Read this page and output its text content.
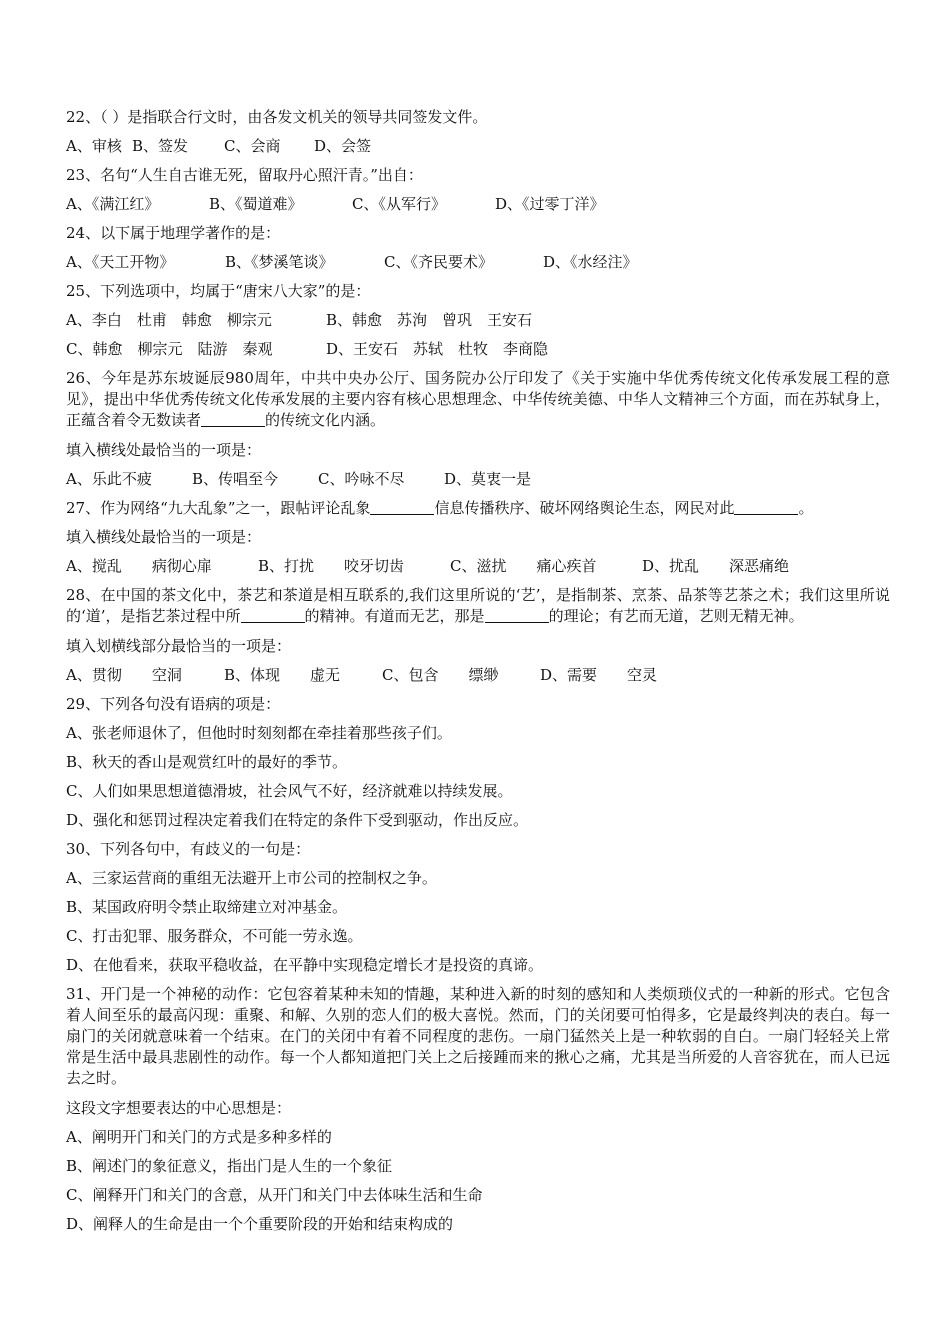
22、（ ）是指联合行文时，由各发文机关的领导共同签发文件。
A、审核 B、签发	C、会商	D、会签
23、名句“人生自古谁无死，留取丹心照汗青。”出自：
A、《满江红》	B、《蜀道难》	C、《从军行》	D、《过零丁洋》
24、以下属于地理学著作的是：
A、《天工开物》	B、《梦溪笔谈》	C、《齐民要术》	D、《水经注》
25、下列选项中，均属于“唐宋八大家”的是：
A、李白　杜甫　韩愈　柳宗元	B、韩愈　苏洵　曾巩　王安石
C、韩愈　柳宗元　陆游　秦观	D、王安石　苏轼　杜牧　李商隐
26、今年是苏东坡诞辰980周年，中共中央办公厅、国务院办公厅印发了《关于实施中华优秀传统文化传承发展工程的意见》，提出中华优秀传统文化传承发展的主要内容有核心思想理念、中华传统美德、中华人文精神三个方面，而在苏轼身上，正蕴含着令无数读者	的传统文化内涵。
填入横线处最恰当的一项是：
A、乐此不疲	B、传唱至今	C、吟咏不尽	D、莫衷一是
27、作为网络“九大乱象”之一，跟帖评论乱象	信息传播秩序、破坏网络舆论生态，网民对此	。
填入横线处最恰当的一项是：
A、搅乱　　病彻心扉	B、打扰　　咬牙切齿	C、滋扰　　痛心疾首	D、扰乱　　深恶痛绝
28、在中国的茶文化中，茶艺和茶道是相互联系的,我们这里所说的‘艺’，是指制茶、烹茶、品茶等艺茶之术；我们这里所说的‘道’，是指艺茶过程中所	的精神。有道而无艺，那是	的理论；有艺而无道，艺则无精无神。
填入划横线部分最恰当的一项是：
A、贯彻　　空洞	B、体现　　虚无	C、包含　　缥缈	D、需要　　空灵
29、下列各句没有语病的项是：
A、张老师退休了，但他时时刻刻都在牵挂着那些孩子们。
B、秋天的香山是观赏红叶的最好的季节。
C、人们如果思想道德滑坡，社会风气不好，经济就难以持续发展。
D、强化和惩罚过程决定着我们在特定的条件下受到驱动，作出反应。
30、下列各句中，有歧义的一句是：
A、三家运营商的重组无法避开上市公司的控制权之争。
B、某国政府明令禁止取缔建立对冲基金。
C、打击犯罪、服务群众，不可能一劳永逸。
D、在他看来，获取平稳收益，在平静中实现稳定增长才是投资的真谛。
31、开门是一个神秘的动作：它包容着某种未知的情趣，某种进入新的时刻的感知和人类烦琐仪式的一种新的形式。它包含着人间至乐的最高闪现：重聚、和解、久别的恋人们的极大喜悦。然而，门的关闭要可怕得多，它是最终判决的表白。每一扇门的关闭就意味着一个结束。在门的关闭中有着不同程度的悲伤。一扇门猛然关上是一种软弱的自白。一扇门轻轻关上常常是生活中最具悲剧性的动作。每一个人都知道把门关上之后接踵而来的揪心之痛，尤其是当所爱的人音容犹在，而人已远去之时。
这段文字想要表达的中心思想是：
A、阐明开门和关门的方式是多种多样的
B、阐述门的象征意义，指出门是人生的一个象征
C、阐释开门和关门的含意，从开门和关门中去体味生活和生命
D、阐释人的生命是由一个个重要阶段的开始和结束构成的
